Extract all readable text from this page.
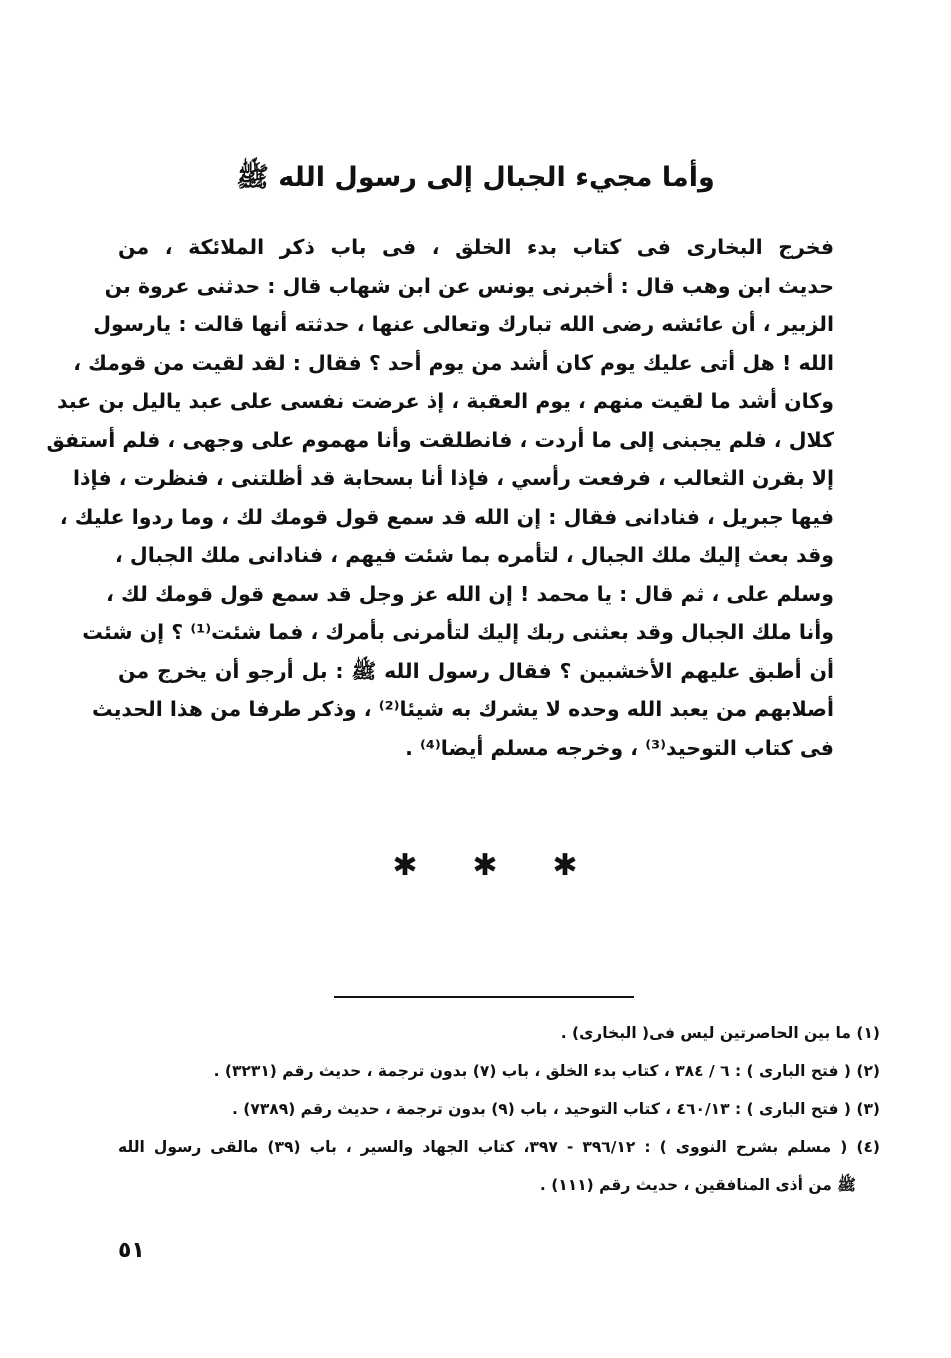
وأما مجيء الجبال إلى رسول الله ﷺ
فخرج البخارى فى كتاب بدء الخلق ، فى باب ذكر الملائكة ، من
حديث ابن وهب قال : أخبرنى يونس عن ابن شهاب قال : حدثنى عروة بن
الزبير ، أن عائشه رضى الله تبارك وتعالى عنها ، حدثته أنها قالت : يارسول
الله ! هل أتى عليك يوم كان أشد من يوم أحد ؟ فقال : لقد لقيت من قومك ،
وكان أشد ما لقيت منهم ، يوم العقبة ، إذ عرضت نفسى على عبد ياليل بن عبد
كلال ، فلم يجبنى إلى ما أردت ، فانطلقت وأنا مهموم على وجهى ، فلم أستفق
إلا بقرن الثعالب ، فرفعت رأسي ، فإذا أنا بسحابة قد أظلتنى ، فنظرت ، فإذا
فيها جبريل ، فنادانى فقال : إن الله قد سمع قول قومك لك ، وما ردوا عليك ،
وقد بعث إليك ملك الجبال ، لتأمره بما شئت فيهم ، فنادانى ملك الجبال ،
وسلم على ، ثم قال : يا محمد ! إن الله عز وجل قد سمع قول قومك لك ،
وأنا ملك الجبال وقد بعثنى ربك إليك لتأمرنى بأمرك ، فما شئت⁽¹⁾ ؟ إن شئت
أن أطبق عليهم الأخشبين ؟ فقال رسول الله ﷺ : بل أرجو أن يخرج من
أصلابهم من يعبد الله وحده لا يشرك به شيئا⁽²⁾ ، وذكر طرفا من هذا الحديث
فى كتاب التوحيد⁽³⁾ ، وخرجه مسلم أيضا⁽⁴⁾ .
✱ ✱ ✱
(١) ما بين الحاصرتين ليس فى( البخارى) .
(٢) ( فتح البارى ) : ٦ / ٣٨٤ ، كتاب بدء الخلق ، باب (٧) بدون ترجمة ، حديث رقم (٣٢٣١) .
(٣) ( فتح البارى ) : ٤٦٠/١٣ ، كتاب التوحيد ، باب (٩) بدون ترجمة ، حديث رقم (٧٣٨٩) .
(٤) ( مسلم بشرح النووى ) : ٣٩٦/١٢ - ٣٩٧، كتاب الجهاد والسير ، باب (٣٩) مالقى رسول الله
ﷺ من أذى المنافقين ، حديث رقم (١١١) .
٥١
